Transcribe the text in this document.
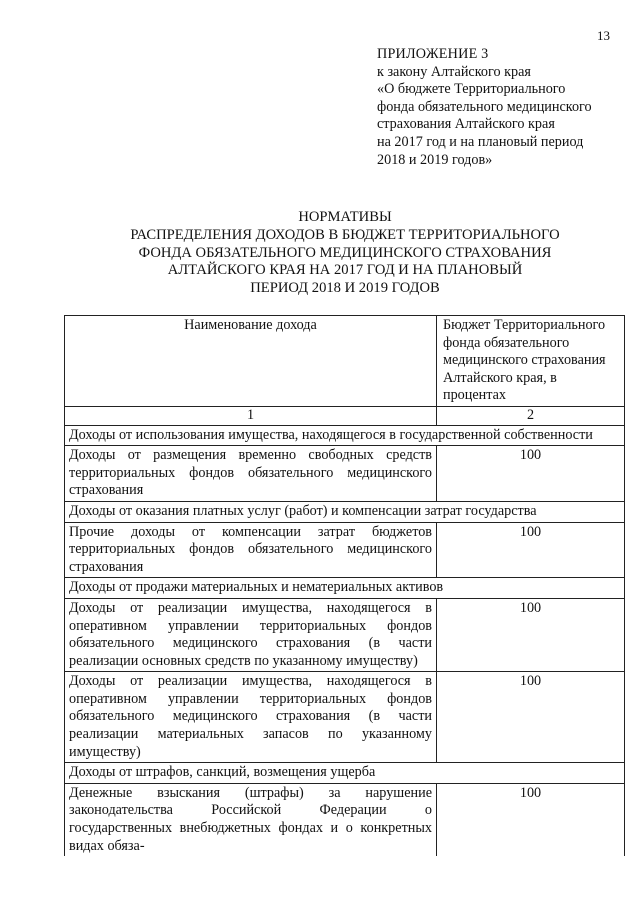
13
ПРИЛОЖЕНИЕ 3
к закону Алтайского края
«О бюджете Территориального
фонда обязательного медицинского
страхования Алтайского края
на 2017 год и на плановый период
2018 и 2019 годов»
НОРМАТИВЫ
РАСПРЕДЕЛЕНИЯ ДОХОДОВ В БЮДЖЕТ ТЕРРИТОРИАЛЬНОГО
ФОНДА ОБЯЗАТЕЛЬНОГО МЕДИЦИНСКОГО СТРАХОВАНИЯ
АЛТАЙСКОГО КРАЯ НА 2017 ГОД И НА ПЛАНОВЫЙ
ПЕРИОД 2018 И 2019 ГОДОВ
Наименование дохода	Бюджет Территориального фонда обязательного медицинского страхования Алтайского края, в процентах
1	2
Доходы от использования имущества, находящегося в государственной собственности	
Доходы от размещения временно свободных средств территориальных фондов обязательного медицинского страхования	100
Доходы от оказания платных услуг (работ) и компенсации затрат государства	
Прочие доходы от компенсации затрат бюджетов территориальных фондов обязательного медицинского страхования	100
Доходы от продажи материальных и нематериальных активов	
Доходы от реализации имущества, находящегося в оперативном управлении территориальных фондов обязательного медицинского страхования (в части реализации основных средств по указанному имуществу)	100
Доходы от реализации имущества, находящегося в оперативном управлении территориальных фондов обязательного медицинского страхования (в части реализации материальных запасов по указанному имуществу)	100
Доходы от штрафов, санкций, возмещения ущерба	
Денежные взыскания (штрафы) за нарушение законодательства Российской Федерации о государственных внебюджетных фондах и о конкретных видах обяза-	100
